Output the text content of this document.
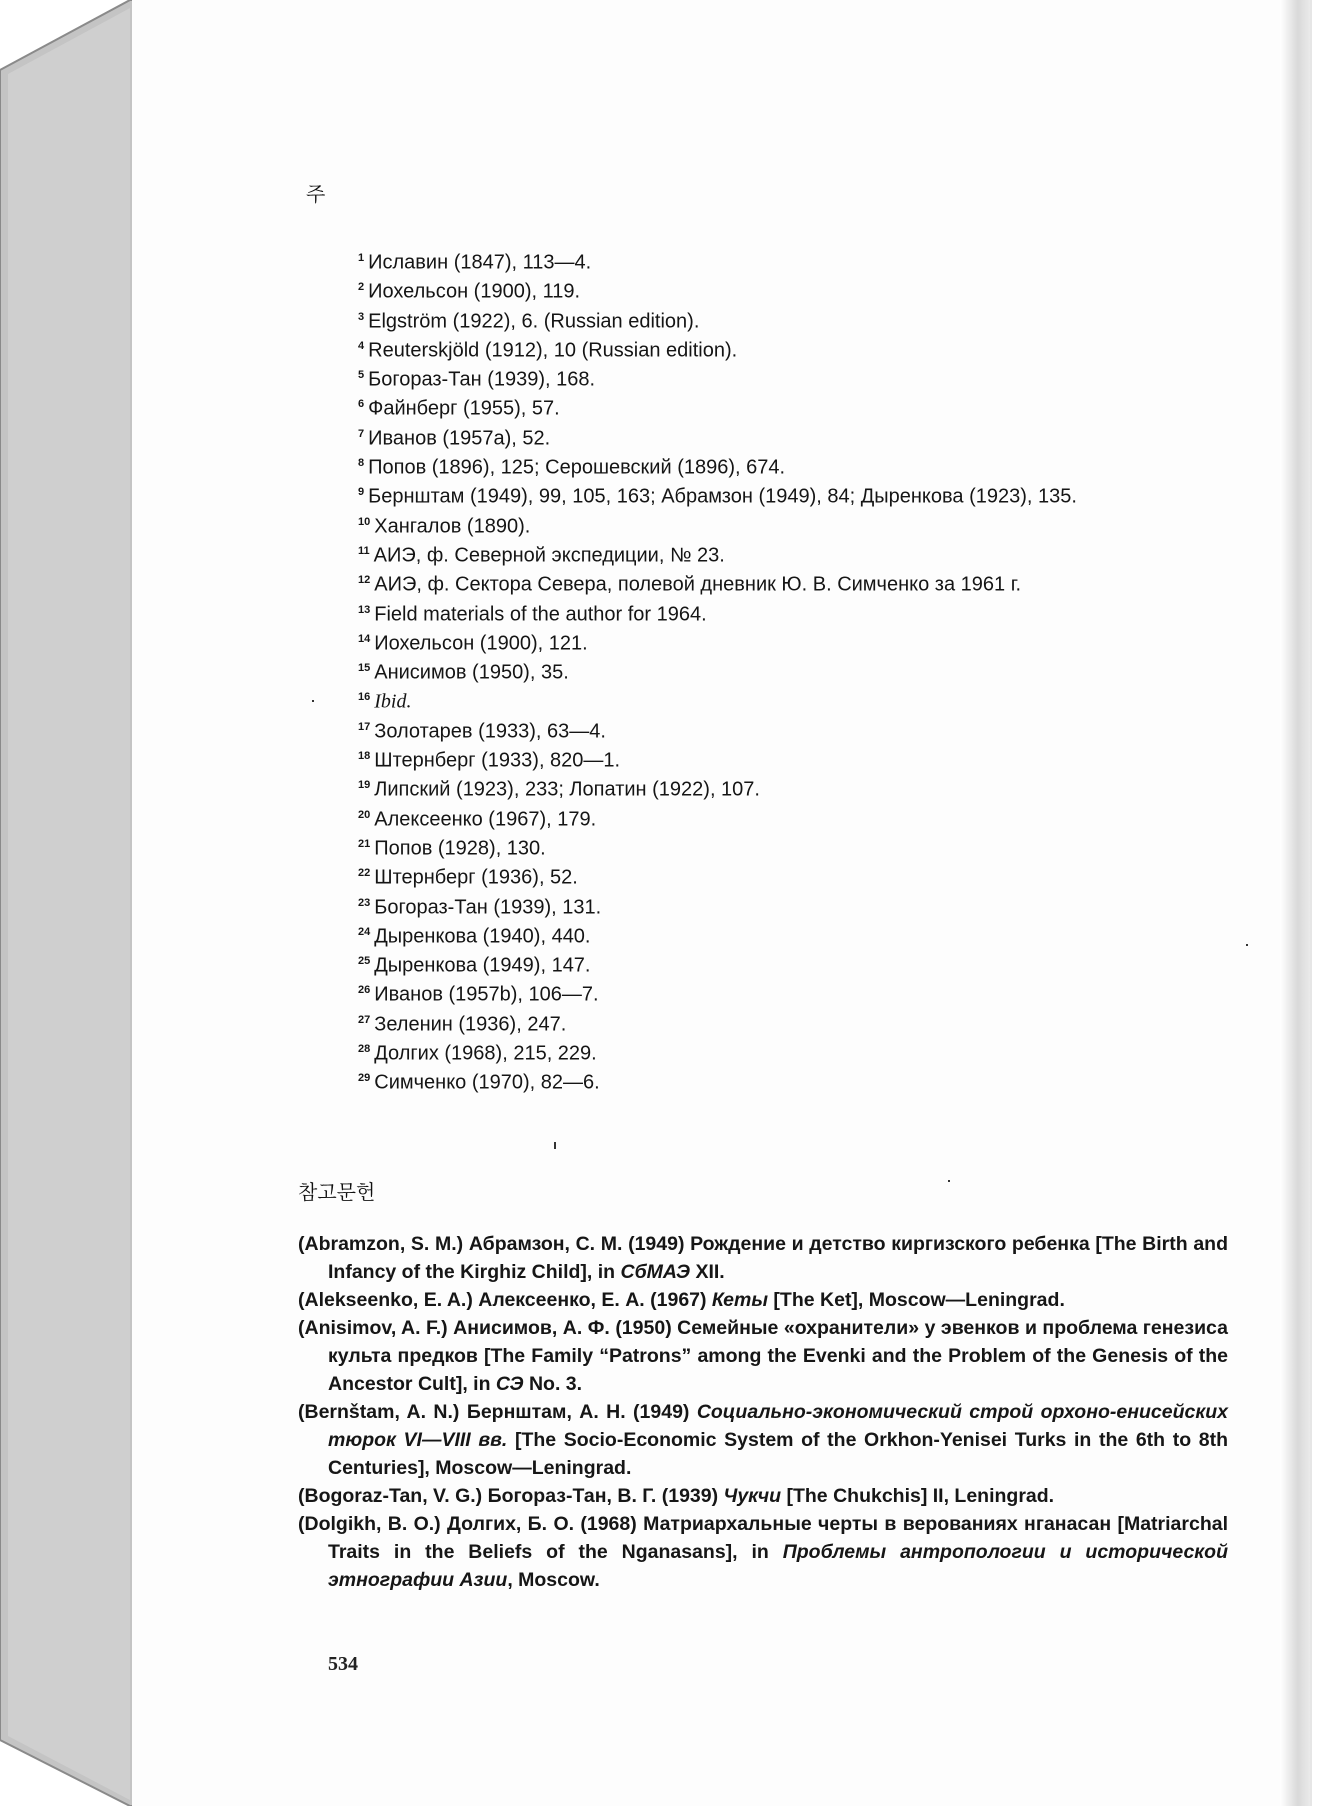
주
$^1$ Иславин (1847), 113—4.
$^2$ Иохельсон (1900), 119.
$^3$ Elgström (1922), 6. (Russian edition).
$^4$ Reuterskjöld (1912), 10 (Russian edition).
$^5$ Богораз-Тан (1939), 168.
$^6$ Файнберг (1955), 57.
$^7$ Иванов (1957а), 52.
$^8$ Попов (1896), 125; Серошевский (1896), 674.
$^9$ Бернштам (1949), 99, 105, 163; Абрамзон (1949), 84; Дыренкова (1923), 135.
$^{10}$ Хангалов (1890).
$^{11}$ АИЭ, ф. Северной экспедиции, № 23.
$^{12}$ АИЭ, ф. Сектора Севера, полевой дневник Ю. В. Симченко за 1961 г.
$^{13}$ Field materials of the author for 1964.
$^{14}$ Иохельсон (1900), 121.
$^{15}$ Анисимов (1950), 35.
$^{16}$ Ibid.
$^{17}$ Золотарев (1933), 63—4.
$^{18}$ Штернберг (1933), 820—1.
$^{19}$ Липский (1923), 233; Лопатин (1922), 107.
$^{20}$ Алексеенко (1967), 179.
$^{21}$ Попов (1928), 130.
$^{22}$ Штернберг (1936), 52.
$^{23}$ Богораз-Тан (1939), 131.
$^{24}$ Дыренкова (1940), 440.
$^{25}$ Дыренкова (1949), 147.
$^{26}$ Иванов (1957b), 106—7.
$^{27}$ Зеленин (1936), 247.
$^{28}$ Долгих (1968), 215, 229.
$^{29}$ Симченко (1970), 82—6.
참고문헌
(Abramzon, S. M.) Абрамзон, С. М. (1949) Рождение и детство киргизского ребенка [The Birth and Infancy of the Kirghiz Child], in СбМАЭ XII.
(Alekseenko, E. A.) Алексеенко, Е. А. (1967) Кеты [The Ket], Moscow—Leningrad.
(Anisimov, A. F.) Анисимов, А. Ф. (1950) Семейные «охранители» у эвенков и проблема генезиса культа предков [The Family “Patrons” among the Evenki and the Problem of the Genesis of the Ancestor Cult], in СЭ No. 3.
(Bernštam, A. N.) Бернштам, А. Н. (1949) Социально-экономический строй орхоно-енисейских тюрок VI—VIII вв. [The Socio-Economic System of the Orkhon-Yenisei Turks in the 6th to 8th Centuries], Moscow—Leningrad.
(Bogoraz-Tan, V. G.) Богораз-Тан, В. Г. (1939) Чукчи [The Chukchis] II, Leningrad.
(Dolgikh, B. O.) Долгих, Б. О. (1968) Матриархальные черты в верованиях нганасан [Matriarchal Traits in the Beliefs of the Nganasans], in Проблемы антропологии и исторической этнографии Азии, Moscow.
534
